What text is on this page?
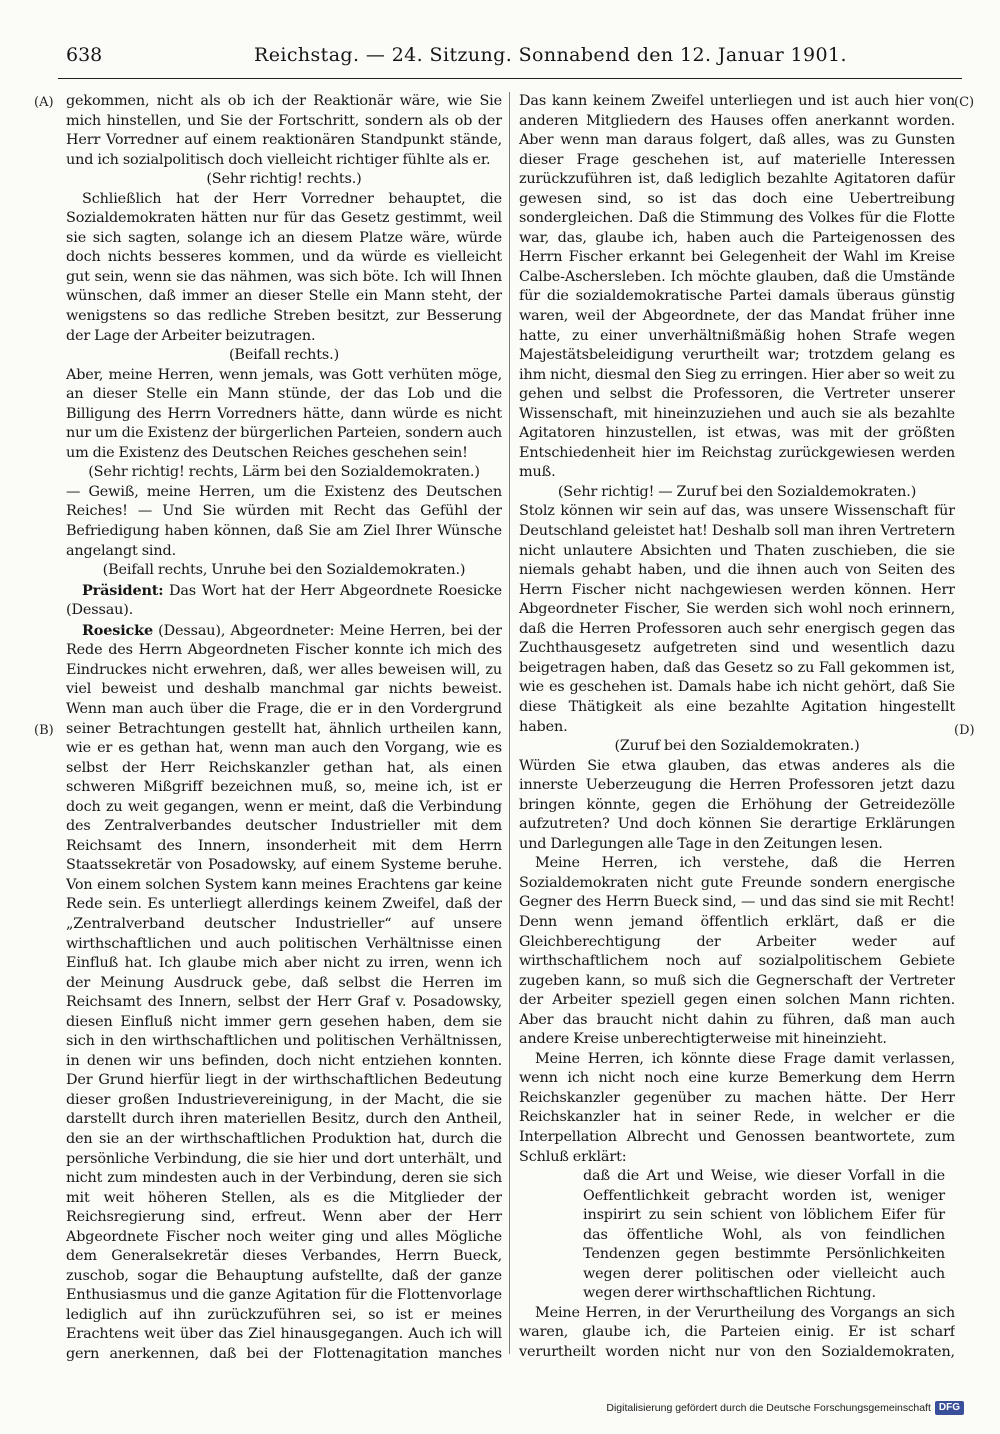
638	Reichstag. — 24. Sitzung. Sonnabend den 12. Januar 1901.
(A)
(B)
(C)
(D)

gekommen, nicht als ob ich der Reaktionär wäre, wie Sie mich hinstellen, und Sie der Fortschritt, sondern als ob der Herr Vorredner auf einem reaktionären Standpunkt stände, und ich sozialpolitisch doch vielleicht richtiger fühlte als er.

(Sehr richtig! rechts.)

Schließlich hat der Herr Vorredner behauptet, die Sozialdemokraten hätten nur für das Gesetz gestimmt, weil sie sich sagten, solange ich an diesem Platze wäre, würde doch nichts besseres kommen, und da würde es vielleicht gut sein, wenn sie das nähmen, was sich böte. Ich will Ihnen wünschen, daß immer an dieser Stelle ein Mann steht, der wenigstens so das redliche Streben besitzt, zur Besserung der Lage der Arbeiter beizutragen.

(Beifall rechts.)

Aber, meine Herren, wenn jemals, was Gott verhüten möge, an dieser Stelle ein Mann stünde, der das Lob und die Billigung des Herrn Vorredners hätte, dann würde es nicht nur um die Existenz der bürgerlichen Parteien, sondern auch um die Existenz des Deutschen Reiches geschehen sein!

(Sehr richtig! rechts, Lärm bei den Sozialdemokraten.)

— Gewiß, meine Herren, um die Existenz des Deutschen Reiches! — Und Sie würden mit Recht das Gefühl der Befriedigung haben können, daß Sie am Ziel Ihrer Wünsche angelangt sind.

(Beifall rechts, Unruhe bei den Sozialdemokraten.)

Präsident: Das Wort hat der Herr Abgeordnete Roesicke (Dessau).

Roesicke (Dessau), Abgeordneter: Meine Herren, bei der Rede des Herrn Abgeordneten Fischer konnte ich mich des Eindruckes nicht erwehren, daß, wer alles beweisen will, zu viel beweist und deshalb manchmal gar nichts beweist. Wenn man auch über die Frage, die er in den Vordergrund seiner Betrachtungen gestellt hat, ähnlich urtheilen kann, wie er es gethan hat, wenn man auch den Vorgang, wie es selbst der Herr Reichskanzler gethan hat, als einen schweren Mißgriff bezeichnen muß, so, meine ich, ist er doch zu weit gegangen, wenn er meint, daß die Verbindung des Zentralverbandes deutscher Industrieller mit dem Reichsamt des Innern, insonderheit mit dem Herrn Staatssekretär von Posadowsky, auf einem Systeme beruhe. Von einem solchen System kann meines Erachtens gar keine Rede sein. Es unterliegt allerdings keinem Zweifel, daß der „Zentralverband deutscher Industrieller“ auf unsere wirthschaftlichen und auch politischen Verhältnisse einen Einfluß hat. Ich glaube mich aber nicht zu irren, wenn ich der Meinung Ausdruck gebe, daß selbst die Herren im Reichsamt des Innern, selbst der Herr Graf v. Posadowsky, diesen Einfluß nicht immer gern gesehen haben, dem sie sich in den wirthschaftlichen und politischen Verhältnissen, in denen wir uns befinden, doch nicht entziehen konnten. Der Grund hierfür liegt in der wirthschaftlichen Bedeutung dieser großen Industrievereinigung, in der Macht, die sie darstellt durch ihren materiellen Besitz, durch den Antheil, den sie an der wirthschaftlichen Produktion hat, durch die persönliche Verbindung, die sie hier und dort unterhält, und nicht zum mindesten auch in der Verbindung, deren sie sich mit weit höheren Stellen, als es die Mitglieder der Reichsregierung sind, erfreut. Wenn aber der Herr Abgeordnete Fischer noch weiter ging und alles Mögliche dem Generalsekretär dieses Verbandes, Herrn Bueck, zuschob, sogar die Behauptung aufstellte, daß der ganze Enthusiasmus und die ganze Agitation für die Flottenvorlage lediglich auf ihn zurückzuführen sei, so ist er meines Erachtens weit über das Ziel hinausgegangen. Auch ich will gern anerkennen, daß bei der Flottenagitation manches

Das kann keinem Zweifel unterliegen und ist auch hier von anderen Mitgliedern des Hauses offen anerkannt worden. Aber wenn man daraus folgert, daß alles, was zu Gunsten dieser Frage geschehen ist, auf materielle Interessen zurückzuführen ist, daß lediglich bezahlte Agitatoren dafür gewesen sind, so ist das doch eine Uebertreibung sondergleichen. Daß die Stimmung des Volkes für die Flotte war, das, glaube ich, haben auch die Parteigenossen des Herrn Fischer erkannt bei Gelegenheit der Wahl im Kreise Calbe-Aschersleben. Ich möchte glauben, daß die Umstände für die sozialdemokratische Partei damals überaus günstig waren, weil der Abgeordnete, der das Mandat früher inne hatte, zu einer unverhältnißmäßig hohen Strafe wegen Majestätsbeleidigung verurtheilt war; trotzdem gelang es ihm nicht, diesmal den Sieg zu erringen. Hier aber so weit zu gehen und selbst die Professoren, die Vertreter unserer Wissenschaft, mit hineinzuziehen und auch sie als bezahlte Agitatoren hinzustellen, ist etwas, was mit der größten Entschiedenheit hier im Reichstag zurückgewiesen werden muß.

(Sehr richtig! — Zuruf bei den Sozialdemokraten.)

Stolz können wir sein auf das, was unsere Wissenschaft für Deutschland geleistet hat! Deshalb soll man ihren Vertretern nicht unlautere Absichten und Thaten zuschieben, die sie niemals gehabt haben, und die ihnen auch von Seiten des Herrn Fischer nicht nachgewiesen werden können. Herr Abgeordneter Fischer, Sie werden sich wohl noch erinnern, daß die Herren Professoren auch sehr energisch gegen das Zuchthausgesetz aufgetreten sind und wesentlich dazu beigetragen haben, daß das Gesetz so zu Fall gekommen ist, wie es geschehen ist. Damals habe ich nicht gehört, daß Sie diese Thätigkeit als eine bezahlte Agitation hingestellt haben.

(Zuruf bei den Sozialdemokraten.)

Würden Sie etwa glauben, das etwas anderes als die innerste Ueberzeugung die Herren Professoren jetzt dazu bringen könnte, gegen die Erhöhung der Getreidezölle aufzutreten? Und doch können Sie derartige Erklärungen und Darlegungen alle Tage in den Zeitungen lesen.

Meine Herren, ich verstehe, daß die Herren Sozialdemokraten nicht gute Freunde sondern energische Gegner des Herrn Bueck sind, — und das sind sie mit Recht! Denn wenn jemand öffentlich erklärt, daß er die Gleichberechtigung der Arbeiter weder auf wirthschaftlichem noch auf sozialpolitischem Gebiete zugeben kann, so muß sich die Gegnerschaft der Vertreter der Arbeiter speziell gegen einen solchen Mann richten. Aber das braucht nicht dahin zu führen, daß man auch andere Kreise unberechtigterweise mit hineinzieht.

Meine Herren, ich könnte diese Frage damit verlassen, wenn ich nicht noch eine kurze Bemerkung dem Herrn Reichskanzler gegenüber zu machen hätte. Der Herr Reichskanzler hat in seiner Rede, in welcher er die Interpellation Albrecht und Genossen beantwortete, zum Schluß erklärt:

daß die Art und Weise, wie dieser Vorfall in die Oeffentlichkeit gebracht worden ist, weniger inspirirt zu sein schient von löblichem Eifer für das öffentliche Wohl, als von feindlichen Tendenzen gegen bestimmte Persönlichkeiten wegen derer politischen oder vielleicht auch wegen derer wirthschaftlichen Richtung.

Meine Herren, in der Verurtheilung des Vorgangs an sich waren, glaube ich, die Parteien einig. Er ist scharf verurtheilt worden nicht nur von den Sozialdemokraten,

Digitalisierung gefördert durch die Deutsche Forschungsgemeinschaft DFG
